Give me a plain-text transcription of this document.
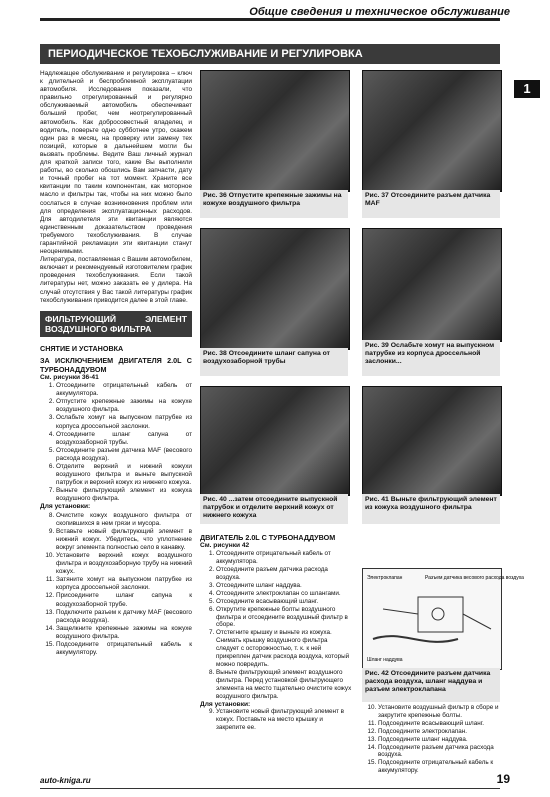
Общие сведения и техническое обслуживание
1
ПЕРИОДИЧЕСКОЕ ТЕХОБСЛУЖИВАНИЕ И РЕГУЛИРОВКА

Надлежащее обслуживание и регулировка – ключ к длительной и беспроблемной эксплуатации автомобиля. Исследования показали, что правильно отрегулированный и регулярно обслуживаемый автомобиль обеспечивает больший пробег, чем неотрегулированный автомобиль. Как добросовестный владелец и водитель, поверьте одно субботнее утро, скажем один раз в месяц, на проверку или замену тех позиций, которые в дальнейшем могли бы вызвать проблемы. Ведите Ваш личный журнал для краткой записи того, какие Вы выполнили работы, во сколько обошлись Вам запчасти, дату и точный пробег на тот момент. Храните все квитанции по таким компонентам, как моторное масло и фильтры так, чтобы на них можно было сослаться в случае возникновения проблем или для определения эксплуатационных расходов. Для автодилетеля эти квитанции являются единственным доказательством проведения требуемого техобслуживания. В случае гарантийной рекламации эти квитанции станут неоценимыми.

Литература, поставляемая с Вашим автомобилем, включает и рекомендуемый изготовителем график проведения техобслуживания. Если такой литературы нет, можно заказать ее у дилера. На случай отсутствия у Вас такой литературы график техобслуживания приводится далее в этой главе.

ФИЛЬТРУЮЩИЙ ЭЛЕМЕНТ ВОЗДУШНОГО ФИЛЬТРА
СНЯТИЕ И УСТАНОВКА
ЗА ИСКЛЮЧЕНИЕМ ДВИГАТЕЛЯ 2.0L С ТУРБОНАДДУВОМ
См. рисунки 36-41
1. Отсоедините отрицательный кабель от аккумулятора.
2. Отпустите крепежные зажимы на кожухе воздушного фильтра.
3. Ослабьте хомут на выпускном патрубке из корпуса дроссельной заслонки.
4. Отсоедините шланг сапуна от воздухозаборной трубы.
5. Отсоедините разъем датчика MAF (весового расхода воздуха).
6. Отделите верхний и нижний кожухи воздушного фильтра и выньте выпускной патрубок и верхний кожух из нижнего кожуха.
7. Выньте фильтрующий элемент из кожуха воздушного фильтра.
Для установки:
8. Очистите кожух воздушного фильтра от скопившихся в нем грязи и мусора.
9. Вставьте новый фильтрующий элемент в нижний кожух. Убедитесь, что уплотнение вокруг элемента полностью село в канавку.
10. Установите верхний кожух воздушного фильтра и воздухозаборную трубу на нижний кожух.
11. Затяните хомут на выпускном патрубке из корпуса дроссельной заслонки.
12. Присоедините шланг сапуна к воздухозаборной трубе.
13. Подключите разъем к датчику MAF (весового расхода воздуха).
14. Защелкните крепежные зажимы на кожухе воздушного фильтра.
15. Подсоедините отрицательный кабель к аккумулятору.
Рис. 36 Отпустите крепежные зажимы на кожухе воздушного фильтра
Рис. 37 Отсоедините разъем датчика MAF
Рис. 38 Отсоедините шланг сапуна от воздухозаборной трубы
Рис. 39 Ослабьте хомут на выпускном патрубке из корпуса дроссельной заслонки...
Рис. 40 ...затем отсоедините выпускной патрубок и отделите верхний кожух от нижнего кожуха
Рис. 41 Выньте фильтрующий элемент из кожуха воздушного фильтра
ДВИГАТЕЛЬ 2.0L С ТУРБОНАДДУВОМ
См. рисунки 42
1. Отсоедините отрицательный кабель от аккумулятора.
2. Отсоедините разъем датчика расхода воздуха.
3. Отсоедините шланг наддува.
4. Отсоедините электроклапан со шлангами.
5. Отсоедините всасывающий шланг.
6. Открутите крепежные болты воздушного фильтра и отсоедините воздушный фильтр в сборе.
7. Отстегните крышку и выньте из кожуха. Снимать крышку воздушного фильтра следует с осторожностью, т. к. к ней прикреплен датчик расхода воздуха, который можно повредить.
8. Выньте фильтрующий элемент воздушного фильтра. Перед установкой фильтрующего элемента на место тщательно очистите кожух воздушного фильтра.
Для установки:
9. Установите новый фильтрующий элемент в кожух. Поставьте на место крышку и закрепите ее.
Электроклапан	Разъем датчика весового расхода воздуха
Шланг наддува
Рис. 42 Отсоедините разъем датчика расхода воздуха, шланг наддува и разъем электроклапана
10. Установите воздушный фильтр в сборе и закрутите крепежные болты.
11. Подсоедините всасывающий шланг.
12. Подсоедините электроклапан.
13. Подсоедините шланг наддува.
14. Подсоедините разъем датчика расхода воздуха.
15. Подсоедините отрицательный кабель к аккумулятору.
auto-kniga.ru	19
